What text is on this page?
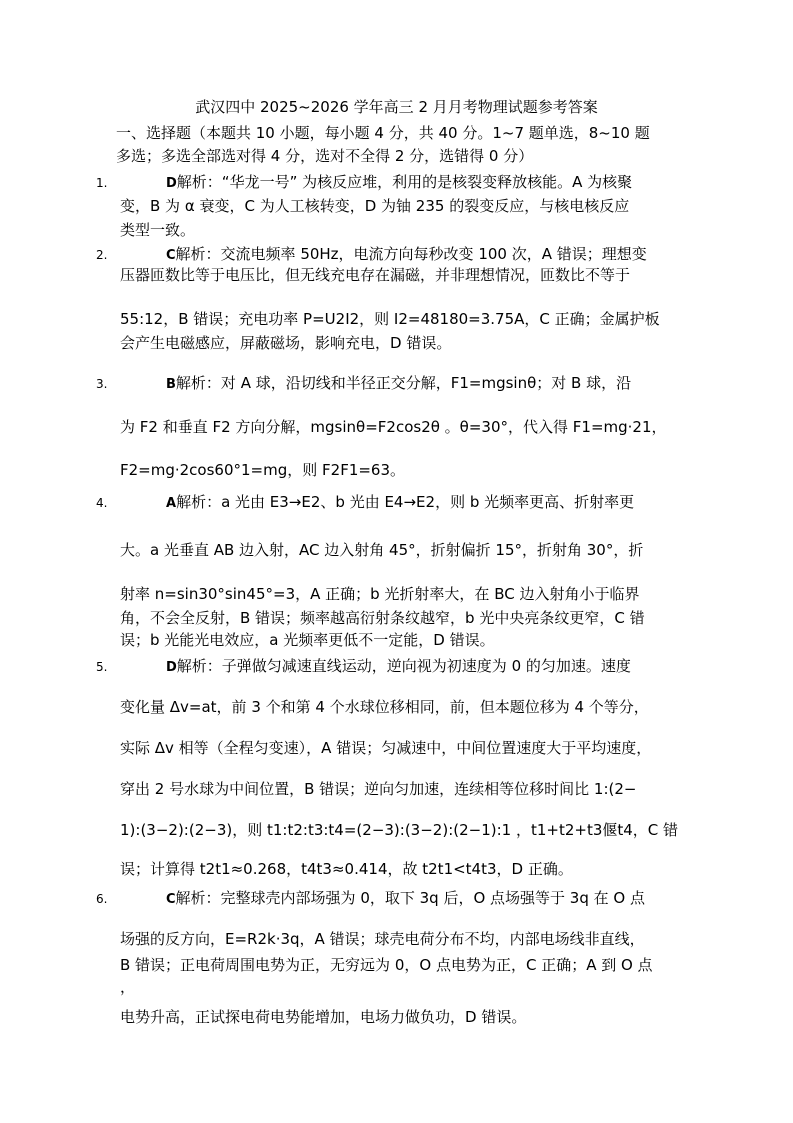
武汉四中 2025~2026 学年高三 2 月月考物理试题参考答案
一、选择题（本题共 10 小题，每小题 4 分，共 40 分。1~7 题单选，8~10 题
多选；多选全部选对得 4 分，选对不全得 2 分，选错得 0 分）
1.	D解析：“华龙一号” 为核反应堆，利用的是核裂变释放核能。A 为核聚
变，B 为 α 衰变，C 为人工核转变，D 为铀 235 的裂变反应，与核电核反应
类型一致。
2.	C解析：交流电频率 50Hz，电流方向每秒改变 100 次，A 错误；理想变
压器匝数比等于电压比，但无线充电存在漏磁，并非理想情况，匝数比不等于
55:12，B 错误；充电功率 P=U2I2，则 I2=48180=3.75A，C 正确；金属护板
会产生电磁感应，屏蔽磁场，影响充电，D 错误。
3.	B解析：对 A 球，沿切线和半径正交分解，F1=mgsinθ；对 B 球，沿
为 F2 和垂直 F2 方向分解，mgsinθ=F2cos2θ 。θ=30°，代入得 F1=mg·21，
F2=mg·2cos60°1=mg，则 F2F1=63。
4.	A解析：a 光由 E3→E2、b 光由 E4→E2，则 b 光频率更高、折射率更
大。a 光垂直 AB 边入射，AC 边入射角 45°，折射偏折 15°，折射角 30°，折
射率 n=sin30°sin45°=3，A 正确；b 光折射率大，在 BC 边入射角小于临界
角，不会全反射，B 错误；频率越高衍射条纹越窄，b 光中央亮条纹更窄，C 错
误；b 光能光电效应，a 光频率更低不一定能，D 错误。
5.	D解析：子弹做匀减速直线运动，逆向视为初速度为 0 的匀加速。速度
变化量 Δv=at，前 3 个和第 4 个水球位移相同，前，但本题位移为 4 个等分，
实际 Δv 相等（全程匀变速），A 错误；匀减速中，中间位置速度大于平均速度，
穿出 2 号水球为中间位置，B 错误；逆向匀加速，连续相等位移时间比 1:(2−
1):(3−2):(2−3)，则 t1:t2:t3:t4=(2−3):(3−2):(2−1):1 ，t1+t2+t3偃t4，C 错
误；计算得 t2t1≈0.268，t4t3≈0.414，故 t2t1<t4t3，D 正确。
6.	C解析：完整球壳内部场强为 0，取下 3q 后，O 点场强等于 3q 在 O 点
场强的反方向，E=R2k·3q，A 错误；球壳电荷分布不均，内部电场线非直线，
B 错误；正电荷周围电势为正，无穷远为 0，O 点电势为正，C 正确；A 到 O 点
，
电势升高，正试探电荷电势能增加，电场力做负功，D 错误。
